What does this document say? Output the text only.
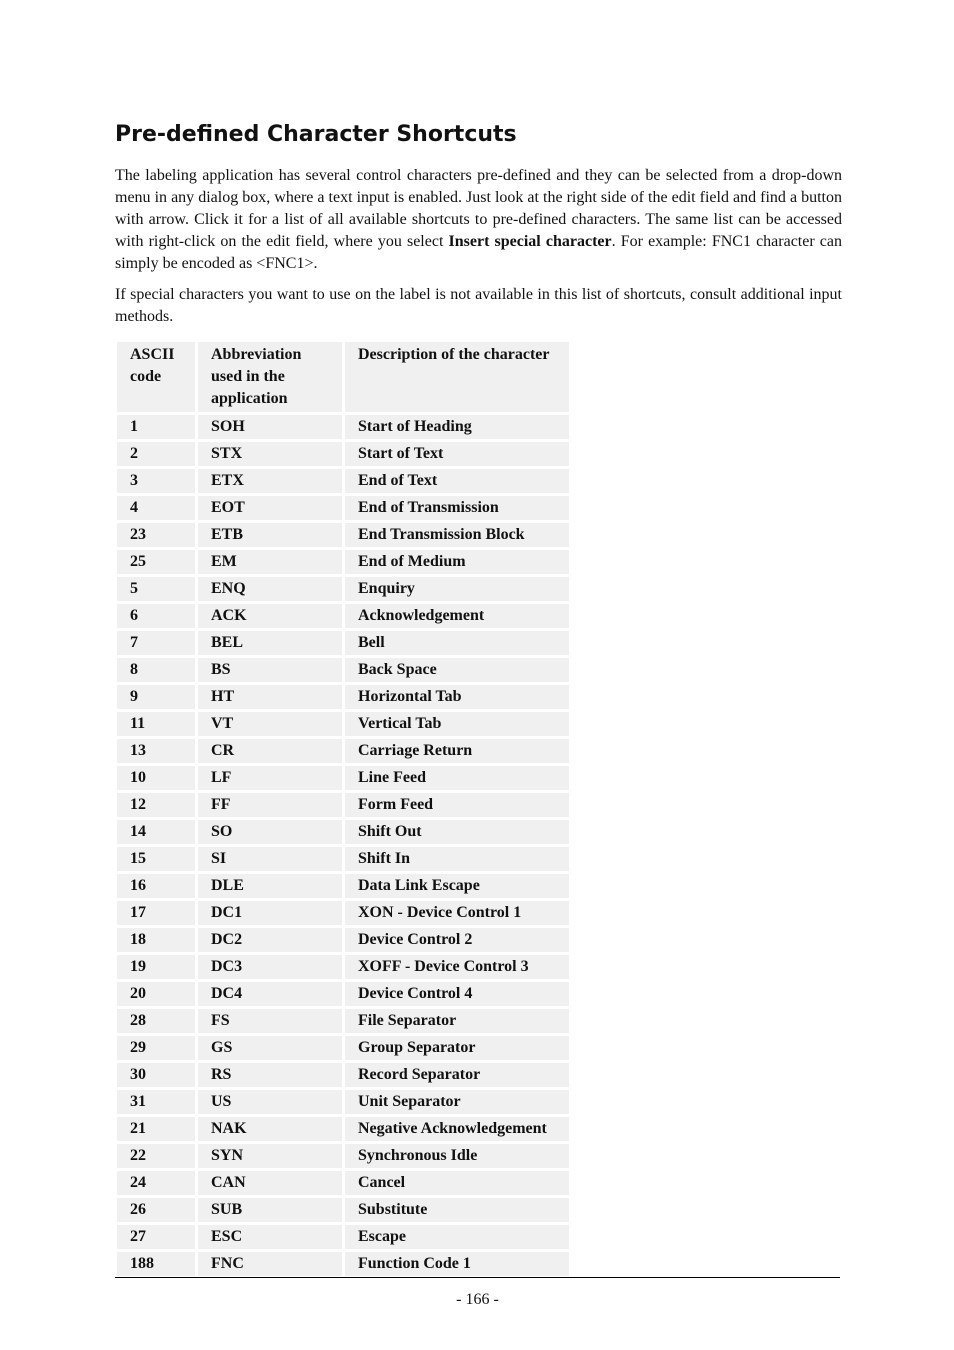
Pre-defined Character Shortcuts

The labeling application has several control characters pre-defined and they can be selected from a drop-down menu in any dialog box, where a text input is enabled. Just look at the right side of the edit field and find a button with arrow. Click it for a list of all available shortcuts to pre-defined characters. The same list can be accessed with right-click on the edit field, where you select Insert special character. For example: FNC1 character can simply be encoded as <FNC1>.

If special characters you want to use on the label is not available in this list of shortcuts, consult additional input methods.

ASCII code	Abbreviation used in the application	Description of the character
1	SOH	Start of Heading
2	STX	Start of Text
3	ETX	End of Text
4	EOT	End of Transmission
23	ETB	End Transmission Block
25	EM	End of Medium
5	ENQ	Enquiry
6	ACK	Acknowledgement
7	BEL	Bell
8	BS	Back Space
9	HT	Horizontal Tab
11	VT	Vertical Tab
13	CR	Carriage Return
10	LF	Line Feed
12	FF	Form Feed
14	SO	Shift Out
15	SI	Shift In
16	DLE	Data Link Escape
17	DC1	XON - Device Control 1
18	DC2	Device Control 2
19	DC3	XOFF - Device Control 3
20	DC4	Device Control 4
28	FS	File Separator
29	GS	Group Separator
30	RS	Record Separator
31	US	Unit Separator
21	NAK	Negative Acknowledgement
22	SYN	Synchronous Idle
24	CAN	Cancel
26	SUB	Substitute
27	ESC	Escape
188	FNC	Function Code 1
- 166 -
